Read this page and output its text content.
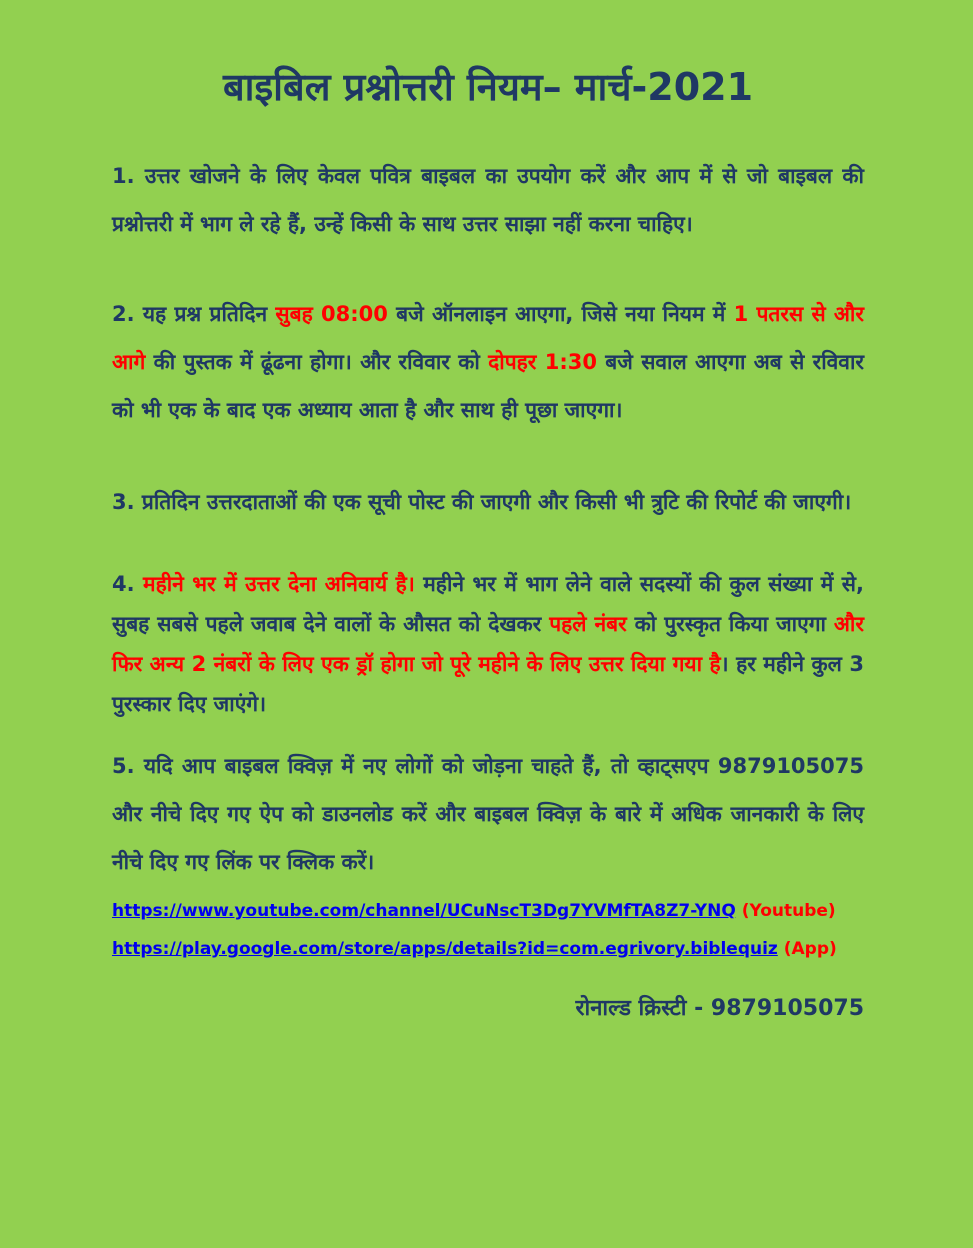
बाइबिल प्रश्नोत्तरी नियम– मार्च-2021

1. उत्तर खोजने के लिए केवल पवित्र बाइबल का उपयोग करें और आप में से जो बाइबल की प्रश्नोत्तरी में भाग ले रहे हैं, उन्हें किसी के साथ उत्तर साझा नहीं करना चाहिए।

2. यह प्रश्न प्रतिदिन सुबह 08:00 बजे ऑनलाइन आएगा, जिसे नया नियम में 1 पतरस से और आगे की पुस्तक में ढूंढना होगा। और रविवार को दोपहर 1:30 बजे सवाल आएगा अब से रविवार को भी एक के बाद एक अध्याय आता है और साथ ही पूछा जाएगा।

3. प्रतिदिन उत्तरदाताओं की एक सूची पोस्ट की जाएगी और किसी भी त्रुटि की रिपोर्ट की जाएगी।

4. महीने भर में उत्तर देना अनिवार्य है। महीने भर में भाग लेने वाले सदस्यों की कुल संख्या में से, सुबह सबसे पहले जवाब देने वालों के औसत को देखकर पहले नंबर को पुरस्कृत किया जाएगा और फिर अन्य 2 नंबरों के लिए एक ड्रॉ होगा जो पूरे महीने के लिए उत्तर दिया गया है। हर महीने कुल 3 पुरस्कार दिए जाएंगे।

5. यदि आप बाइबल क्विज़ में नए लोगों को जोड़ना चाहते हैं, तो व्हाट्सएप 9879105075 और नीचे दिए गए ऐप को डाउनलोड करें और बाइबल क्विज़ के बारे में अधिक जानकारी के लिए नीचे दिए गए लिंक पर क्लिक करें।

https://www.youtube.com/channel/UCuNscT3Dg7YVMfTA8Z7-YNQ (Youtube)
https://play.google.com/store/apps/details?id=com.egrivory.biblequiz (App)
रोनाल्ड क्रिस्टी - 9879105075
